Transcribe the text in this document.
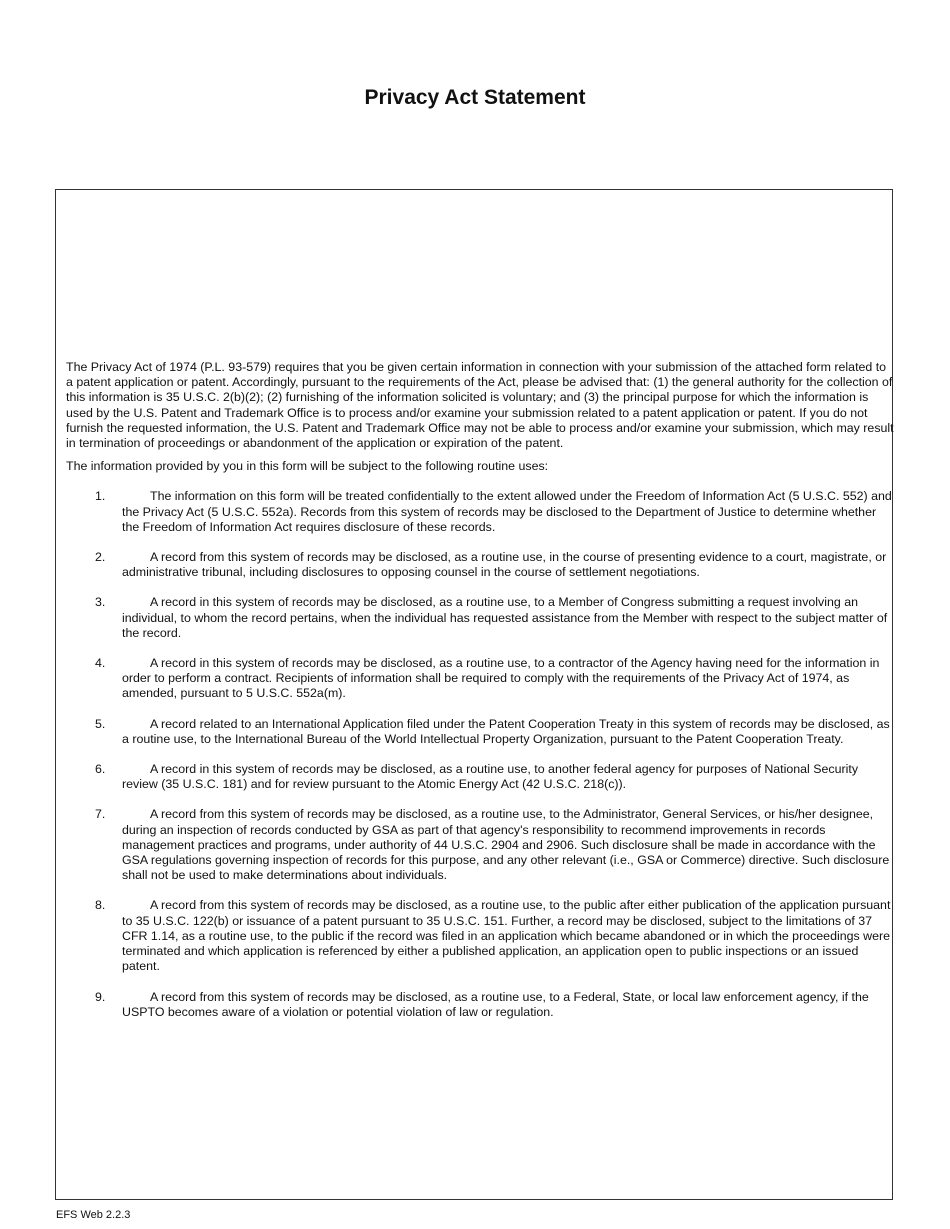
Privacy Act Statement

The Privacy Act of 1974 (P.L. 93-579) requires that you be given certain information in connection with your submission of the attached form related to a patent application or patent. Accordingly, pursuant to the requirements of the Act, please be advised that: (1) the general authority for the collection of this information is 35 U.S.C. 2(b)(2); (2) furnishing of the information solicited is voluntary; and (3) the principal purpose for which the information is used by the U.S. Patent and Trademark Office is to process and/or examine your submission related to a patent application or patent. If you do not furnish the requested information, the U.S. Patent and Trademark Office may not be able to process and/or examine your submission, which may result in termination of proceedings or abandonment of the application or expiration of the patent.

The information provided by you in this form will be subject to the following routine uses:

1.	The information on this form will be treated confidentially to the extent allowed under the Freedom of Information Act (5 U.S.C. 552) and the Privacy Act (5 U.S.C. 552a). Records from this system of records may be disclosed to the Department of Justice to determine whether the Freedom of Information Act requires disclosure of these records.
2.	A record from this system of records may be disclosed, as a routine use, in the course of presenting evidence to a court, magistrate, or administrative tribunal, including disclosures to opposing counsel in the course of settlement negotiations.
3.	A record in this system of records may be disclosed, as a routine use, to a Member of Congress submitting a request involving an individual, to whom the record pertains, when the individual has requested assistance from the Member with respect to the subject matter of the record.
4.	A record in this system of records may be disclosed, as a routine use, to a contractor of the Agency having need for the information in order to perform a contract. Recipients of information shall be required to comply with the requirements of the Privacy Act of 1974, as amended, pursuant to 5 U.S.C. 552a(m).
5.	A record related to an International Application filed under the Patent Cooperation Treaty in this system of records may be disclosed, as a routine use, to the International Bureau of the World Intellectual Property Organization, pursuant to the Patent Cooperation Treaty.
6.	A record in this system of records may be disclosed, as a routine use, to another federal agency for purposes of National Security review (35 U.S.C. 181) and for review pursuant to the Atomic Energy Act (42 U.S.C. 218(c)).
7.	A record from this system of records may be disclosed, as a routine use, to the Administrator, General Services, or his/her designee, during an inspection of records conducted by GSA as part of that agency's responsibility to recommend improvements in records management practices and programs, under authority of 44 U.S.C. 2904 and 2906. Such disclosure shall be made in accordance with the GSA regulations governing inspection of records for this purpose, and any other relevant (i.e., GSA or Commerce) directive. Such disclosure shall not be used to make determinations about individuals.
8.	A record from this system of records may be disclosed, as a routine use, to the public after either publication of the application pursuant to 35 U.S.C. 122(b) or issuance of a patent pursuant to 35 U.S.C. 151. Further, a record may be disclosed, subject to the limitations of 37 CFR 1.14, as a routine use, to the public if the record was filed in an application which became abandoned or in which the proceedings were terminated and which application is referenced by either a published application, an application open to public inspections or an issued patent.
9.	A record from this system of records may be disclosed, as a routine use, to a Federal, State, or local law enforcement agency, if the USPTO becomes aware of a violation or potential violation of law or regulation.
EFS Web 2.2.3
